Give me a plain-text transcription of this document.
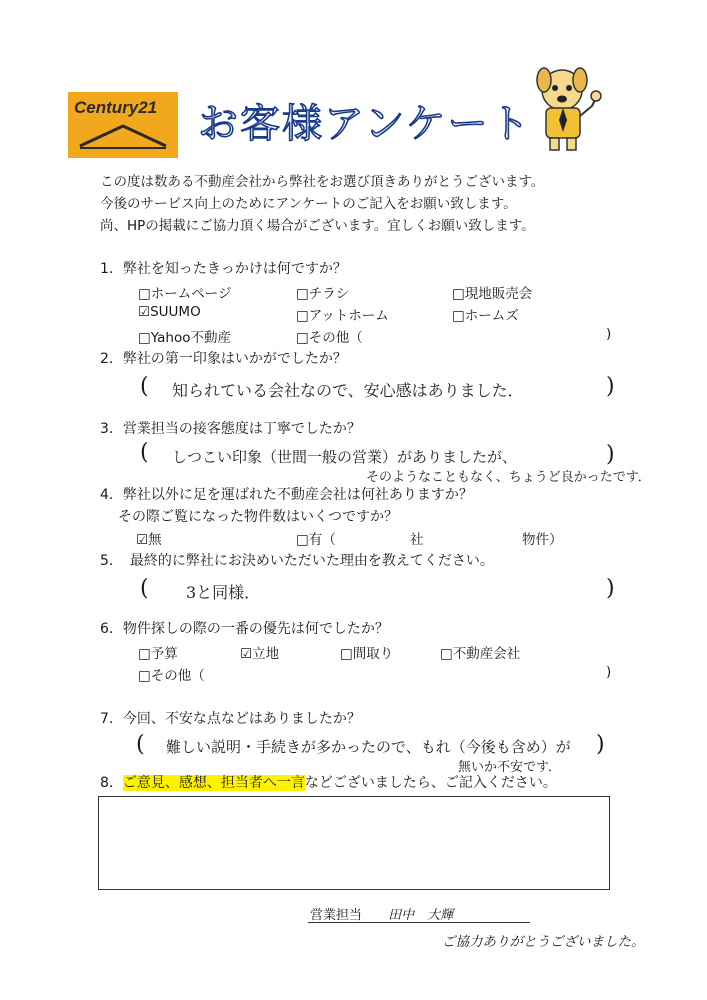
Century21 お客様アンケート
この度は数ある不動産会社から弊社をお選び頂きありがとうございます。
今後のサービス向上のためにアンケートのご記入をお願い致します。
尚、HPの掲載にご協力頂く場合がございます。宜しくお願い致します。
1．弊社を知ったきっかけは何ですか？
□ホームページ	□チラシ	□現地販売会
☑SUUMO	□アットホーム	□ホームズ
□Yahoo不動産	□その他（	)
2．弊社の第一印象はいかがでしたか？
( 知られている会社なので、安心感はありました．	)
3．営業担当の接客態度は丁寧でしたか？
( しつこい印象（世間一般の営業）がありましたが、
そのようなこともなく、ちょうど良かったです．
)
4．弊社以外に足を運ばれた不動産会社は何社ありますか？
その際ご覧になった物件数はいくつですか？
☑無	□有（	社	物件）
5．　最終的に弊社にお決めいただいた理由を教えてください。
( 3と同様．	)
6．物件探しの際の一番の優先は何でしたか？
□予算	☑立地	□間取り	□不動産会社
□その他（	)
7．今回、不安な点などはありましたか？
( 難しい説明・手続きが多かったので、もれ（今後も含め）が
無いか不安です．
)
8．ご意見、感想、担当者へ一言などございましたら、ご記入ください。
営業担当 田中　大輝
ご協力ありがとうございました。
